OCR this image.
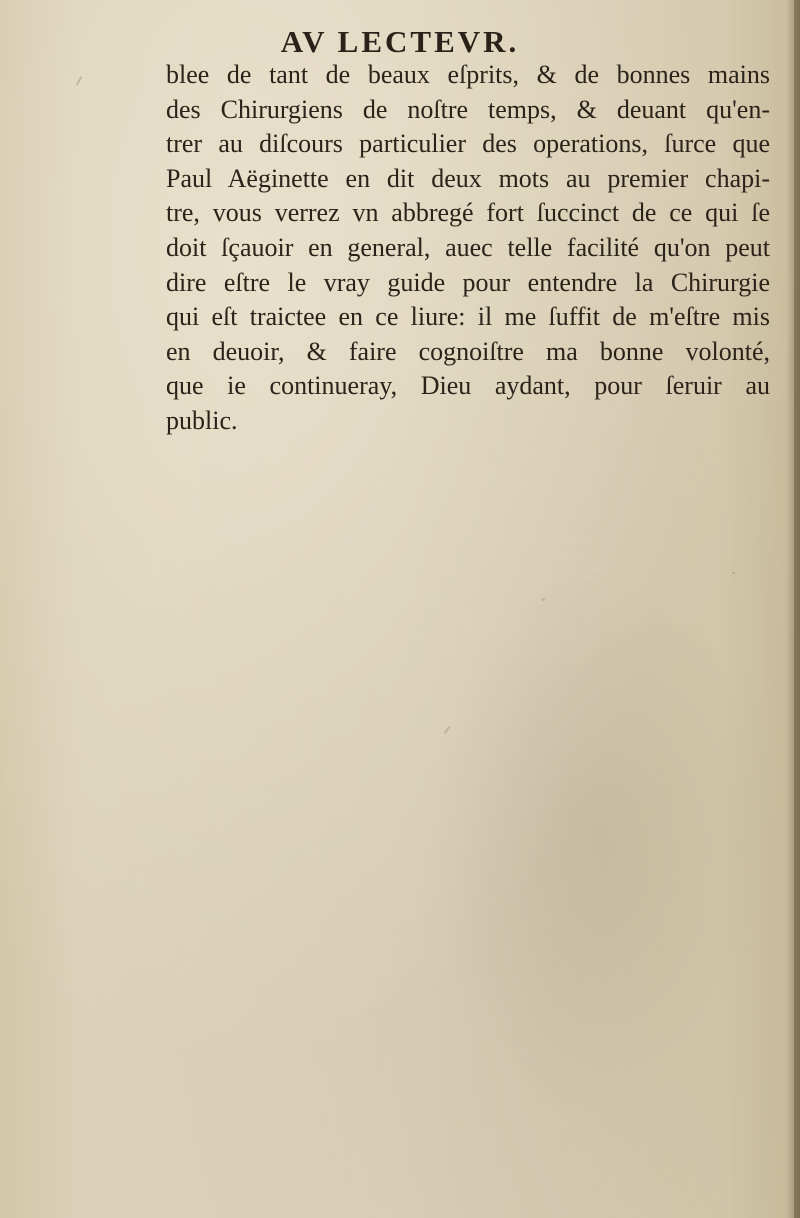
AV LECTEVR.
blee de tant de beaux eſprits, & de bonnes mains
des Chirurgiens de noſtre temps, & deuant qu'en-
trer au diſcours particulier des operations, ſurce que
Paul Aëginette en dit deux mots au premier chapi-
tre, vous verrez vn abbregé fort ſuccinct de ce qui ſe
doit ſçauoir en general, auec telle facilité qu'on peut
dire eſtre le vray guide pour entendre la Chirurgie
qui eſt traictee en ce liure: il me ſuffit de m'eſtre mis
en deuoir, & faire cognoiſtre ma bonne volonté,
que ie continueray, Dieu aydant, pour ſeruir au
public.
